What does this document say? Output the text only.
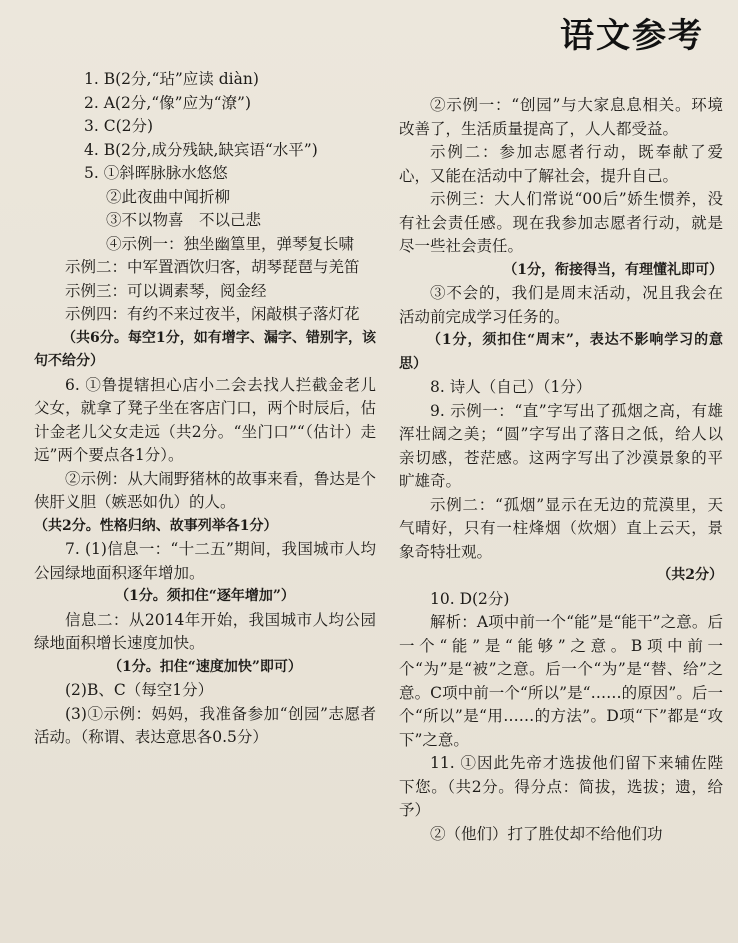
语文参考

1. B(2分,“玷”应读 diàn)

2. A(2分,“像”应为“潦”)

3. C(2分)

4. B(2分,成分残缺,缺宾语“水平”)

5. ①斜晖脉脉水悠悠

②此夜曲中闻折柳

③不以物喜　不以己悲

④示例一：独坐幽篁里，弹琴复长啸

示例二：中军置酒饮归客，胡琴琵琶与羌笛

示例三：可以调素琴，阅金经

示例四：有约不来过夜半，闲敲棋子落灯花

（共6分。每空1分，如有增字、漏字、错别字，该句不给分）

6. ①鲁提辖担心店小二会去找人拦截金老儿父女，就拿了凳子坐在客店门口，两个时辰后，估计金老儿父女走远（共2分。“坐门口”“（估计）走远”两个要点各1分）。

②示例：从大闹野猪林的故事来看，鲁达是个侠肝义胆（嫉恶如仇）的人。

（共2分。性格归纳、故事列举各1分）

7. (1)信息一：“十二五”期间，我国城市人均公园绿地面积逐年增加。

（1分。须扣住“逐年增加”）

信息二：从2014年开始，我国城市人均公园绿地面积增长速度加快。

（1分。扣住“速度加快”即可）

(2)B、C（每空1分）

(3)①示例：妈妈，我准备参加“创园”志愿者活动。（称谓、表达意思各0.5分）

②示例一：“创园”与大家息息相关。环境改善了，生活质量提高了，人人都受益。

示例二：参加志愿者行动，既奉献了爱心，又能在活动中了解社会，提升自己。

示例三：大人们常说“00后”娇生惯养，没有社会责任感。现在我参加志愿者行动，就是尽一些社会责任。

（1分，衔接得当，有理懂礼即可）

③不会的，我们是周末活动，况且我会在活动前完成学习任务的。

（1分，须扣住“周末”，表达不影响学习的意思）

8. 诗人（自己）（1分）

9. 示例一：“直”字写出了孤烟之高，有雄浑壮阔之美；“圆”字写出了落日之低，给人以亲切感，苍茫感。这两字写出了沙漠景象的平旷雄奇。

示例二：“孤烟”显示在无边的荒漠里，天气晴好，只有一柱烽烟（炊烟）直上云天，景象奇特壮观。

（共2分）

10. D(2分)

解析：A项中前一个“能”是“能干”之意。后一个“能”是“能够”之意。B项中前一个“为”是“被”之意。后一个“为”是“替、给”之意。C项中前一个“所以”是“……的原因”。后一个“所以”是“用……的方法”。D项“下”都是“攻下”之意。

11. ①因此先帝才选拔他们留下来辅佐陛下您。（共2分。得分点：简拔，选拔；遗，给予）

②（他们）打了胜仗却不给他们功
